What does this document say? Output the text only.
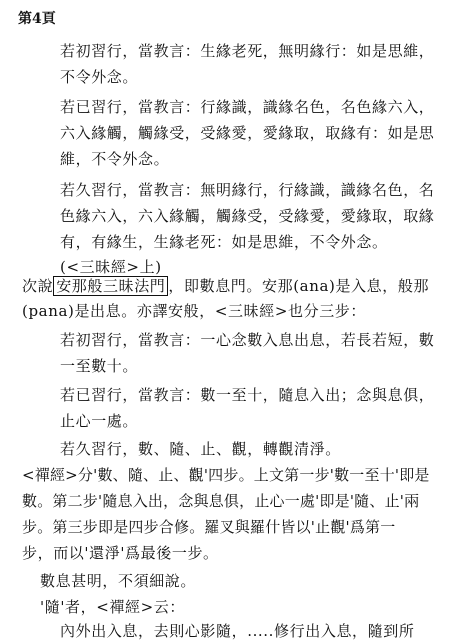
第4頁
若初習行，當教言：生緣老死，無明緣行：如是思維，
不令外念。
若已習行，當教言：行緣識，識緣名色，名色緣六入，
六入緣觸，觸緣受，受緣愛，愛緣取，取緣有：如是思
維，不令外念。
若久習行，當教言：無明緣行，行緣識，識緣名色，名
色緣六入，六入緣觸，觸緣受，受緣愛，愛緣取，取緣
有，有緣生，生緣老死：如是思維，不令外念。
(<三昧經>上)
次說 安那般三昧法門 ，即數息門。安那(ana)是入息，般那
(pana)是出息。亦譯安般，<三昧經>也分三步：
若初習行，當教言：一心念數入息出息，若長若短，數
一至數十。
若已習行，當教言：數一至十，隨息入出；念與息俱，
止心一處。
若久習行，數、隨、止、觀，轉觀清淨。
<禪經>分'數、隨、止、觀'四步。上文第一步'數一至十'即是
數。第二步'隨息入出，念與息俱，止心一處'即是'隨、止'兩
步。第三步即是四步合修。羅叉與羅什皆以'止觀'爲第一
步，而以'還淨'爲最後一步。
數息甚明，不須細說。
'隨'者，<禪經>云：
內外出入息，去則心影隨，.....修行出入息，隨到所
